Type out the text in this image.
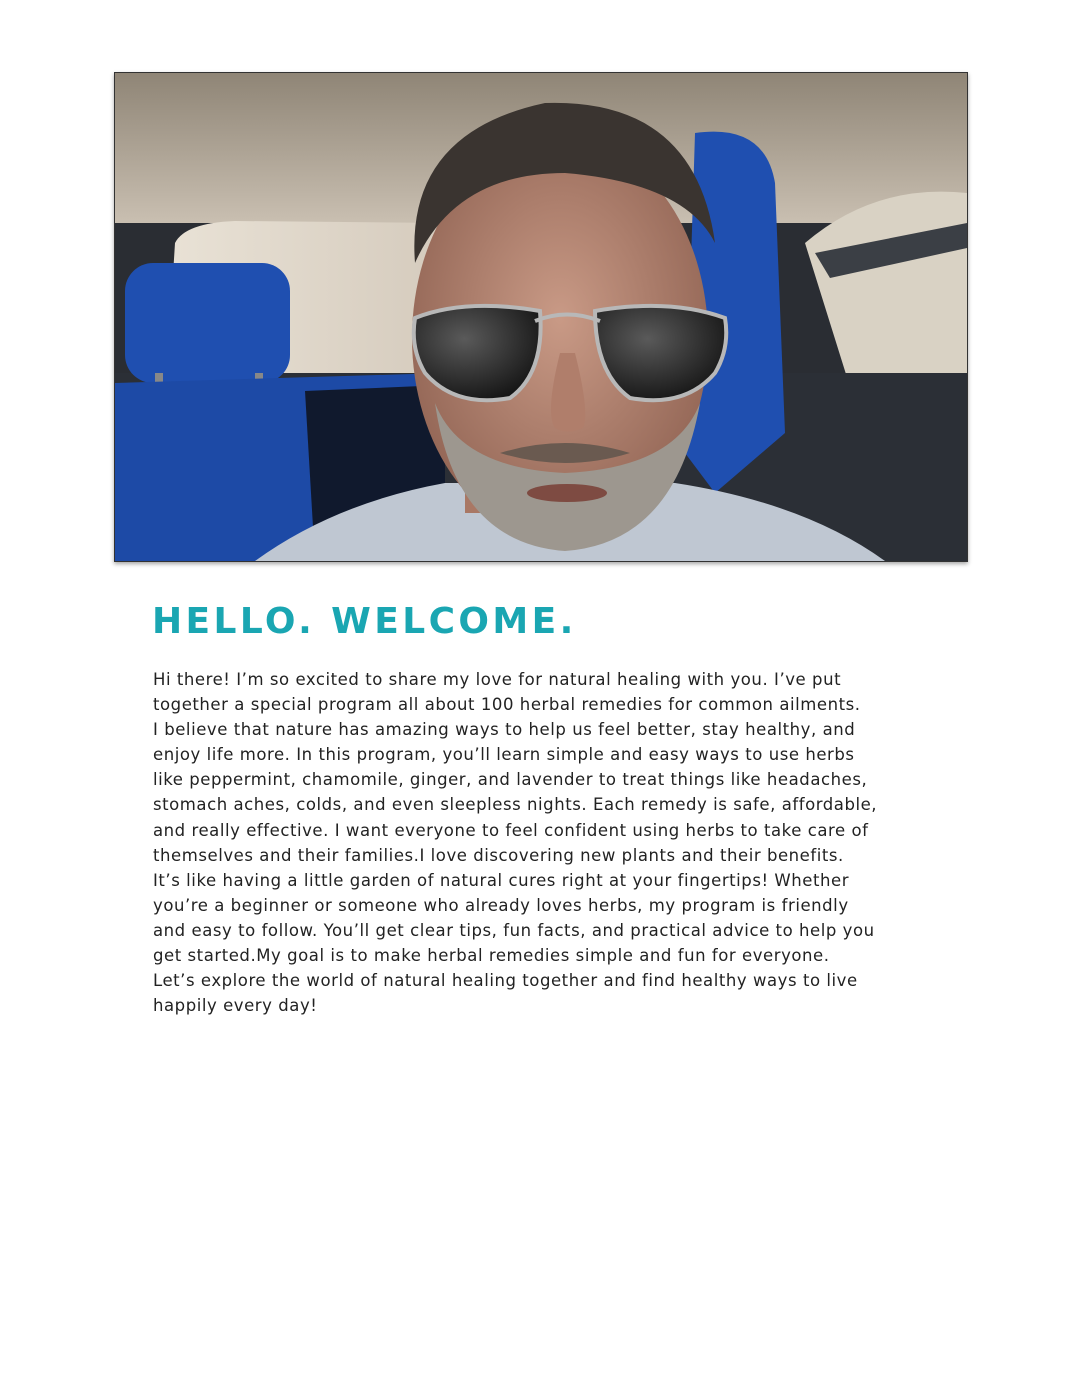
HELLO. WELCOME.

Hi there! I’m so excited to share my love for natural healing with you. I’ve put
together a special program all about 100 herbal remedies for common ailments.
I believe that nature has amazing ways to help us feel better, stay healthy, and
enjoy life more. In this program, you’ll learn simple and easy ways to use herbs
like peppermint, chamomile, ginger, and lavender to treat things like headaches,
stomach aches, colds, and even sleepless nights. Each remedy is safe, affordable,
and really effective. I want everyone to feel confident using herbs to take care of
themselves and their families.I love discovering new plants and their benefits.
It’s like having a little garden of natural cures right at your fingertips! Whether
you’re a beginner or someone who already loves herbs, my program is friendly
and easy to follow. You’ll get clear tips, fun facts, and practical advice to help you
get started.My goal is to make herbal remedies simple and fun for everyone.
Let’s explore the world of natural healing together and find healthy ways to live
happily every day!
